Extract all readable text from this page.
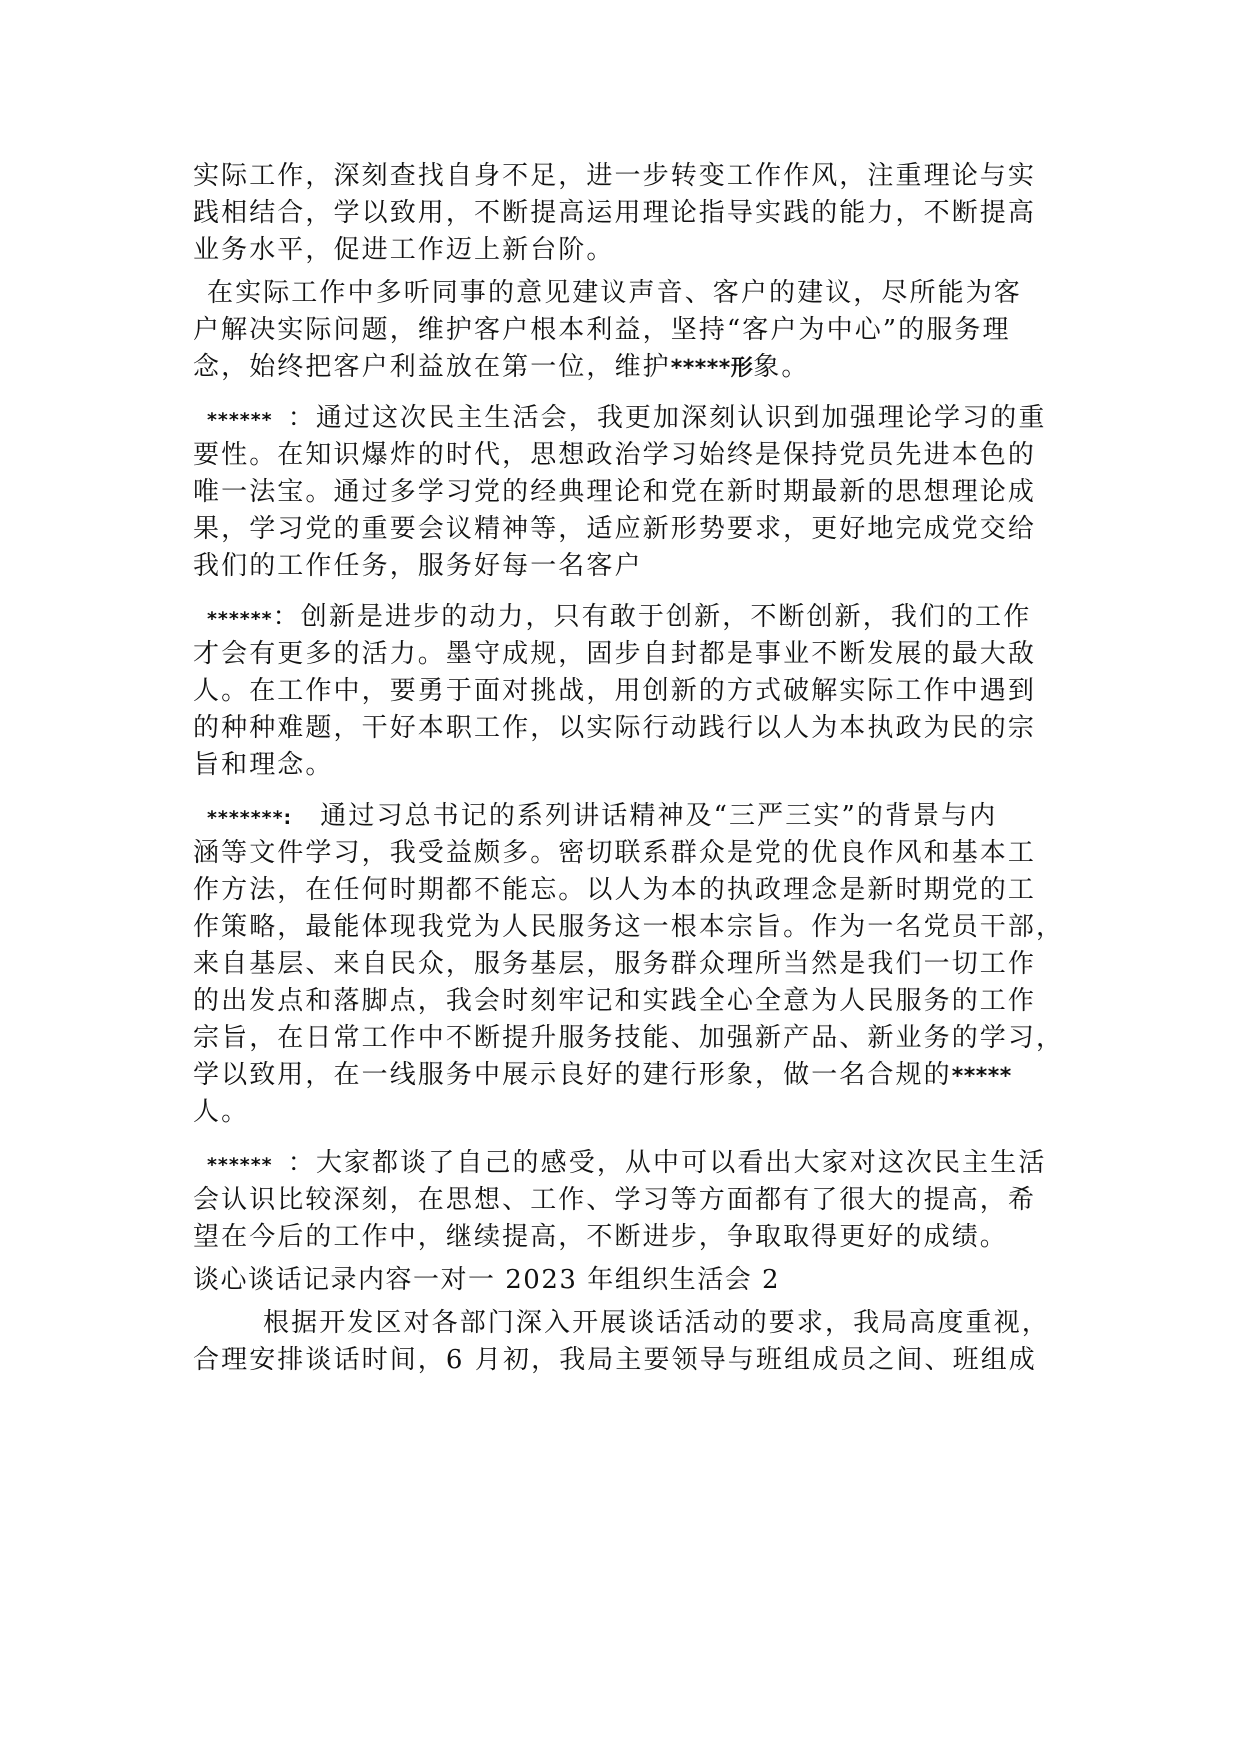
实际工作，深刻查找自身不足，进一步转变工作作风，注重理论与实
践相结合，学以致用，不断提高运用理论指导实践的能力，不断提高
业务水平，促进工作迈上新台阶。
在实际工作中多听同事的意见建议声音、客户的建议，尽所能为客
户解决实际问题，维护客户根本利益，坚持“客户为中心”的服务理
念，始终把客户利益放在第一位，维护*****形象。
******  ：通过这次民主生活会，我更加深刻认识到加强理论学习的重
要性。在知识爆炸的时代，思想政治学习始终是保持党员先进本色的
唯一法宝。通过多学习党的经典理论和党在新时期最新的思想理论成
果，学习党的重要会议精神等，适应新形势要求，更好地完成党交给
我们的工作任务，服务好每一名客户
******：创新是进步的动力，只有敢于创新，不断创新，我们的工作
才会有更多的活力。墨守成规，固步自封都是事业不断发展的最大敌
人。在工作中，要勇于面对挑战，用创新的方式破解实际工作中遇到
的种种难题，干好本职工作，以实际行动践行以人为本执政为民的宗
旨和理念。
*******:  通过习总书记的系列讲话精神及“三严三实”的背景与内
涵等文件学习，我受益颇多。密切联系群众是党的优良作风和基本工
作方法，在任何时期都不能忘。以人为本的执政理念是新时期党的工
作策略，最能体现我党为人民服务这一根本宗旨。作为一名党员干部，
来自基层、来自民众，服务基层，服务群众理所当然是我们一切工作
的出发点和落脚点，我会时刻牢记和实践全心全意为人民服务的工作
宗旨，在日常工作中不断提升服务技能、加强新产品、新业务的学习，
学以致用，在一线服务中展示良好的建行形象，做一名合规的*****
人。
******  ：大家都谈了自己的感受，从中可以看出大家对这次民主生活
会认识比较深刻，在思想、工作、学习等方面都有了很大的提高，希
望在今后的工作中，继续提高，不断进步，争取取得更好的成绩。
谈心谈话记录内容一对一 2023 年组织生活会 2
根据开发区对各部门深入开展谈话活动的要求，我局高度重视，
合理安排谈话时间，6 月初，我局主要领导与班组成员之间、班组成
